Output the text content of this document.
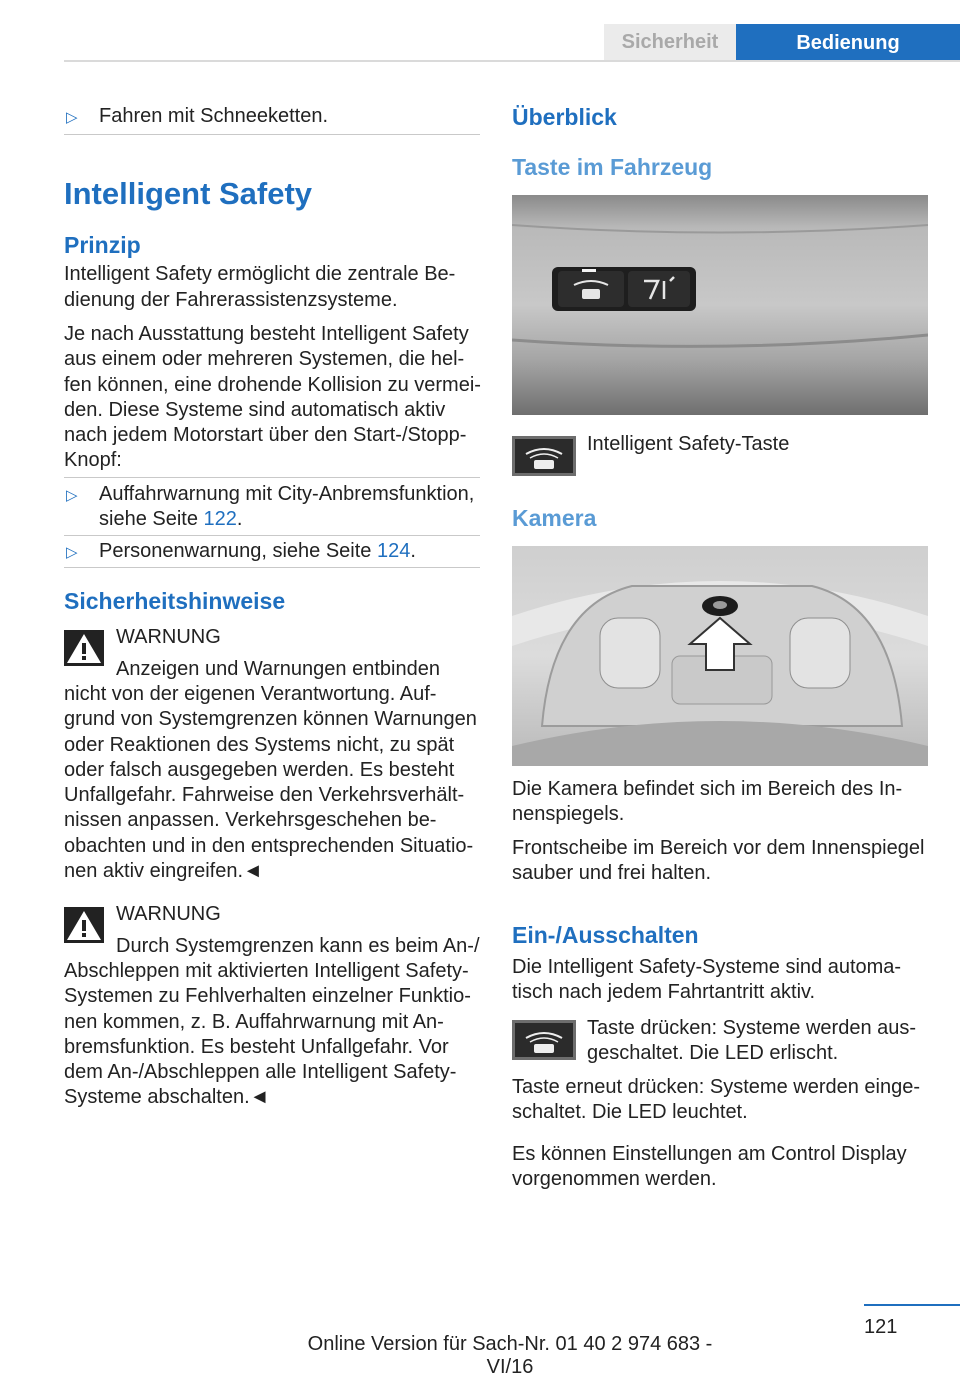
Sicherheit	Bedienung
▷ Fahren mit Schneeketten.
Intelligent Safety
Prinzip
Intelligent Safety ermöglicht die zentrale Be-
dienung der Fahrerassistenzsysteme.
Je nach Ausstattung besteht Intelligent Safety
aus einem oder mehreren Systemen, die hel-
fen können, eine drohende Kollision zu vermei-
den. Diese Systeme sind automatisch aktiv
nach jedem Motorstart über den Start-/Stopp-
Knopf:
▷ Auffahrwarnung mit City-Anbremsfunktion,
siehe Seite 122.
▷ Personenwarnung, siehe Seite 124.
Sicherheitshinweise
WARNUNG
Anzeigen und Warnungen entbinden
nicht von der eigenen Verantwortung. Auf-
grund von Systemgrenzen können Warnungen
oder Reaktionen des Systems nicht, zu spät
oder falsch ausgegeben werden. Es besteht
Unfallgefahr. Fahrweise den Verkehrsverhält-
nissen anpassen. Verkehrsgeschehen be-
obachten und in den entsprechenden Situatio-
nen aktiv eingreifen.◄
WARNUNG
Durch Systemgrenzen kann es beim An-/
Abschleppen mit aktivierten Intelligent Safety-
Systemen zu Fehlverhalten einzelner Funktio-
nen kommen, z. B. Auffahrwarnung mit An-
bremsfunktion. Es besteht Unfallgefahr. Vor
dem An-/Abschleppen alle Intelligent Safety-
Systeme abschalten.◄
Überblick
Taste im Fahrzeug
Intelligent Safety-Taste
Kamera
Die Kamera befindet sich im Bereich des In-
nenspiegels.
Frontscheibe im Bereich vor dem Innenspiegel
sauber und frei halten.
Ein-/Ausschalten
Die Intelligent Safety-Systeme sind automa-
tisch nach jedem Fahrtantritt aktiv.
Taste drücken: Systeme werden aus-
geschaltet. Die LED erlischt.
Taste erneut drücken: Systeme werden einge-
schaltet. Die LED leuchtet.
Es können Einstellungen am Control Display
vorgenommen werden.
121
Online Version für Sach-Nr. 01 40 2 974 683 - VI/16
